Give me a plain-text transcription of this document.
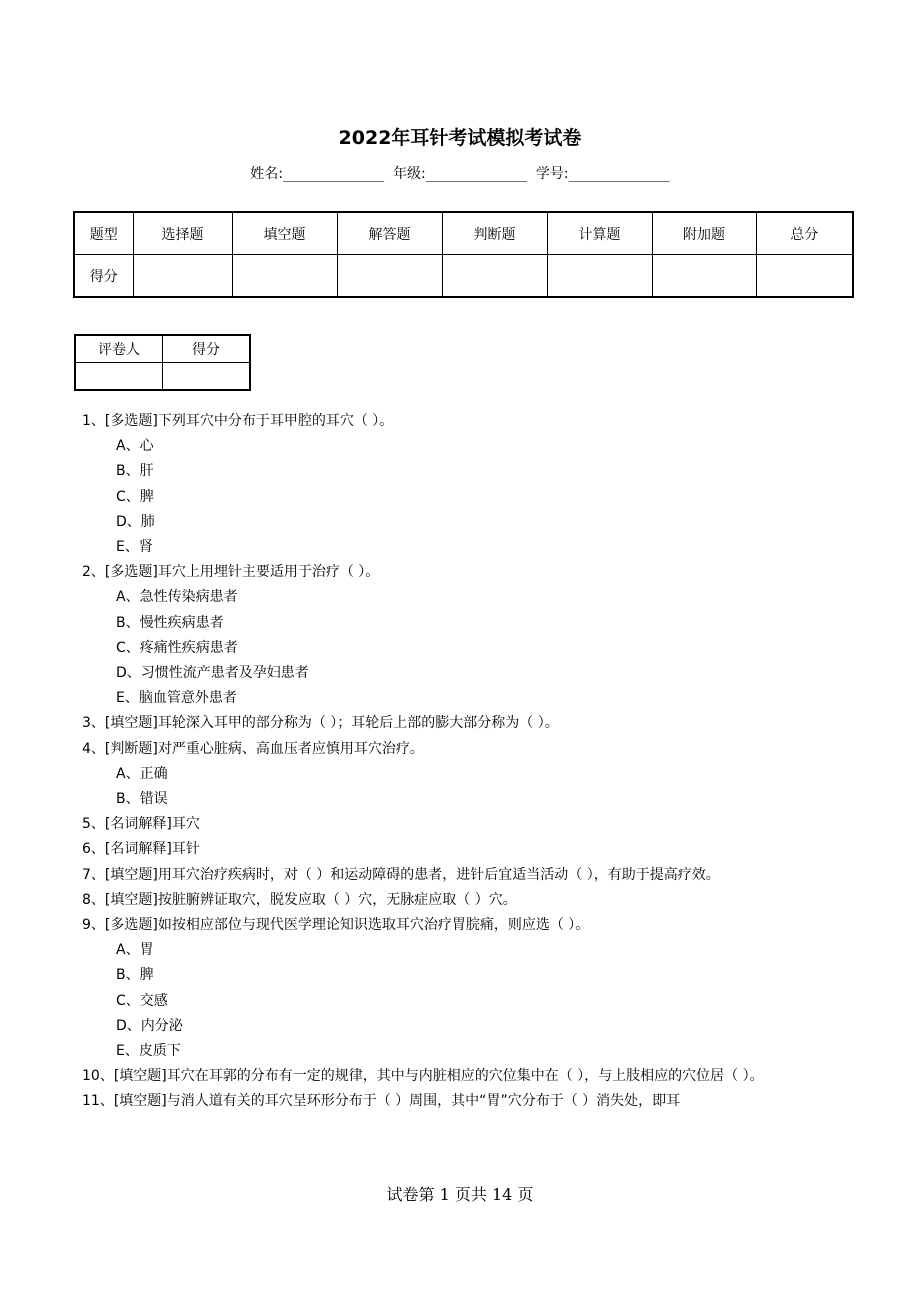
2022年耳针考试模拟考试卷
姓名:____________ 年级:____________ 学号:____________
题型	选择题	填空题	解答题	判断题	计算题	附加题	总分
得分							
评卷人	得分

1、[多选题]下列耳穴中分布于耳甲腔的耳穴（ ）。
A、心
B、肝
C、脾
D、肺
E、肾
2、[多选题]耳穴上用埋针主要适用于治疗（ ）。
A、急性传染病患者
B、慢性疾病患者
C、疼痛性疾病患者
D、习惯性流产患者及孕妇患者
E、脑血管意外患者
3、[填空题]耳轮深入耳甲的部分称为（ ）；耳轮后上部的膨大部分称为（ ）。
4、[判断题]对严重心脏病、高血压者应慎用耳穴治疗。
A、正确
B、错误
5、[名词解释]耳穴
6、[名词解释]耳针
7、[填空题]用耳穴治疗疾病时，对（ ）和运动障碍的患者，进针后宜适当活动（ ），有助于提高疗效。
8、[填空题]按脏腑辨证取穴，脱发应取（ ）穴，无脉症应取（ ）穴。
9、[多选题]如按相应部位与现代医学理论知识选取耳穴治疗胃脘痛，则应选（ ）。
A、胃
B、脾
C、交感
D、内分泌
E、皮质下
10、[填空题]耳穴在耳郭的分布有一定的规律，其中与内脏相应的穴位集中在（ ），与上肢相应的穴位居（ ）。
11、[填空题]与消人道有关的耳穴呈环形分布于（ ）周围，其中“胃”穴分布于（ ）消失处，即耳
试卷第 1 页共 14 页
